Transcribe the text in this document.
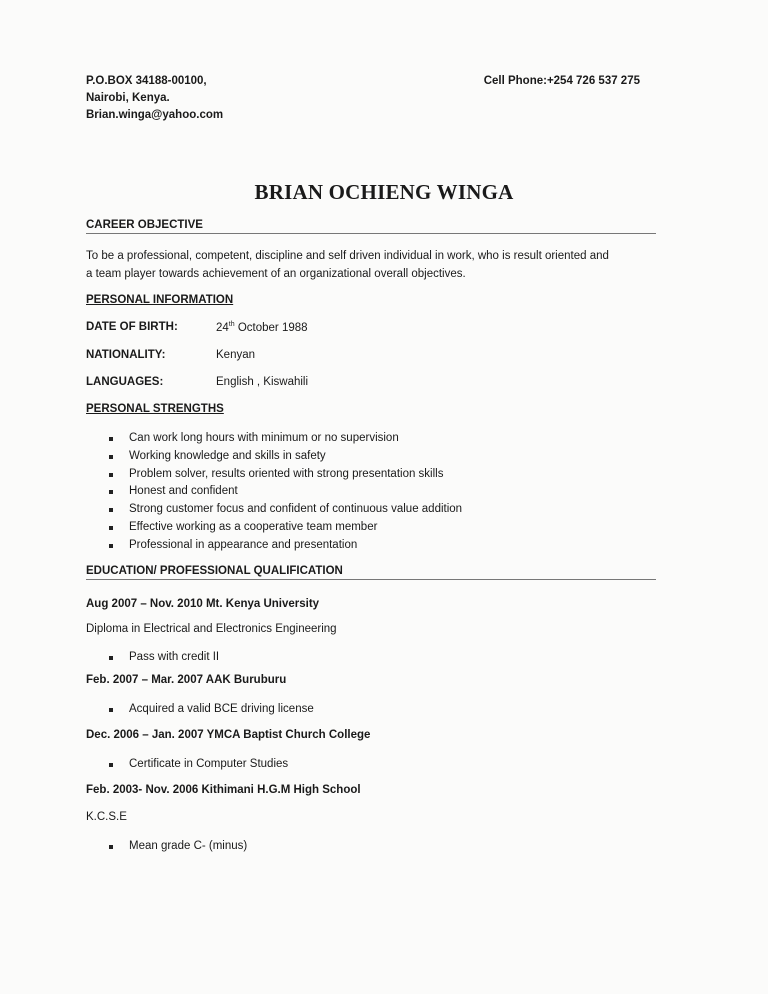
P.O.BOX 34188-00100,
Nairobi, Kenya.
Brian.winga@yahoo.com
Cell Phone:+254 726 537 275
BRIAN OCHIENG WINGA
CAREER OBJECTIVE
To be a professional, competent, discipline and self driven individual in work, who is result oriented and
a team player towards achievement of an organizational overall objectives.
PERSONAL INFORMATION
DATE OF BIRTH:	24th October 1988
NATIONALITY:	Kenyan
LANGUAGES:	English , Kiswahili
PERSONAL STRENGTHS
Can work long hours with minimum or no supervision
Working knowledge and skills in safety
Problem solver, results oriented with strong presentation skills
Honest and confident
Strong customer focus and confident of continuous value addition
Effective working as a cooperative team member
Professional in appearance and presentation
EDUCATION/ PROFESSIONAL QUALIFICATION
Aug 2007 – Nov. 2010 Mt. Kenya University
Diploma in Electrical and Electronics Engineering
Pass with credit II
Feb. 2007 – Mar. 2007 AAK Buruburu
Acquired a valid BCE driving license
Dec. 2006 – Jan. 2007 YMCA Baptist Church College
Certificate in Computer Studies
Feb. 2003- Nov. 2006 Kithimani H.G.M High School
K.C.S.E
Mean grade C- (minus)
